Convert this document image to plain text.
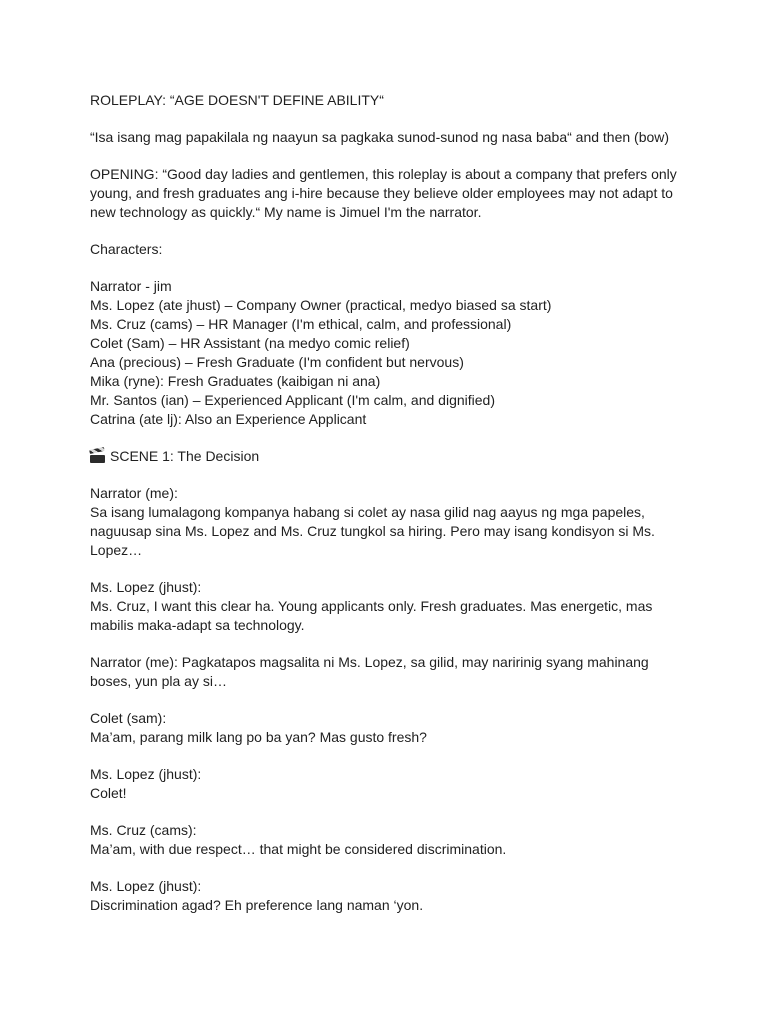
ROLEPLAY: “AGE DOESN'T DEFINE ABILITY“

“Isa isang mag papakilala ng naayun sa pagkaka sunod-sunod ng nasa baba“ and then (bow)

OPENING: “Good day ladies and gentlemen, this roleplay is about a company that prefers only
young, and fresh graduates ang i-hire because they believe older employees may not adapt to
new technology as quickly.“ My name is Jimuel I'm the narrator.

Characters:

Narrator - jim
Ms. Lopez (ate jhust) – Company Owner (practical, medyo biased sa start)
Ms. Cruz (cams) – HR Manager (I'm ethical, calm, and professional)
Colet (Sam) – HR Assistant (na medyo comic relief)
Ana (precious) – Fresh Graduate (I'm confident but nervous)
Mika (ryne): Fresh Graduates (kaibigan ni ana)
Mr. Santos (ian) – Experienced Applicant (I'm calm, and dignified)
Catrina (ate lj): Also an Experience Applicant

SCENE 1: The Decision

Narrator (me):
Sa isang lumalagong kompanya habang si colet ay nasa gilid nag aayus ng mga papeles,
naguusap sina Ms. Lopez and Ms. Cruz tungkol sa hiring. Pero may isang kondisyon si Ms.
Lopez…

Ms. Lopez (jhust):
Ms. Cruz, I want this clear ha. Young applicants only. Fresh graduates. Mas energetic, mas
mabilis maka-adapt sa technology.

Narrator (me): Pagkatapos magsalita ni Ms. Lopez, sa gilid, may naririnig syang mahinang
boses, yun pla ay si…

Colet (sam):
Ma’am, parang milk lang po ba yan? Mas gusto fresh?

Ms. Lopez (jhust):
Colet!

Ms. Cruz (cams):
Ma’am, with due respect… that might be considered discrimination.

Ms. Lopez (jhust):
Discrimination agad? Eh preference lang naman ‘yon.
